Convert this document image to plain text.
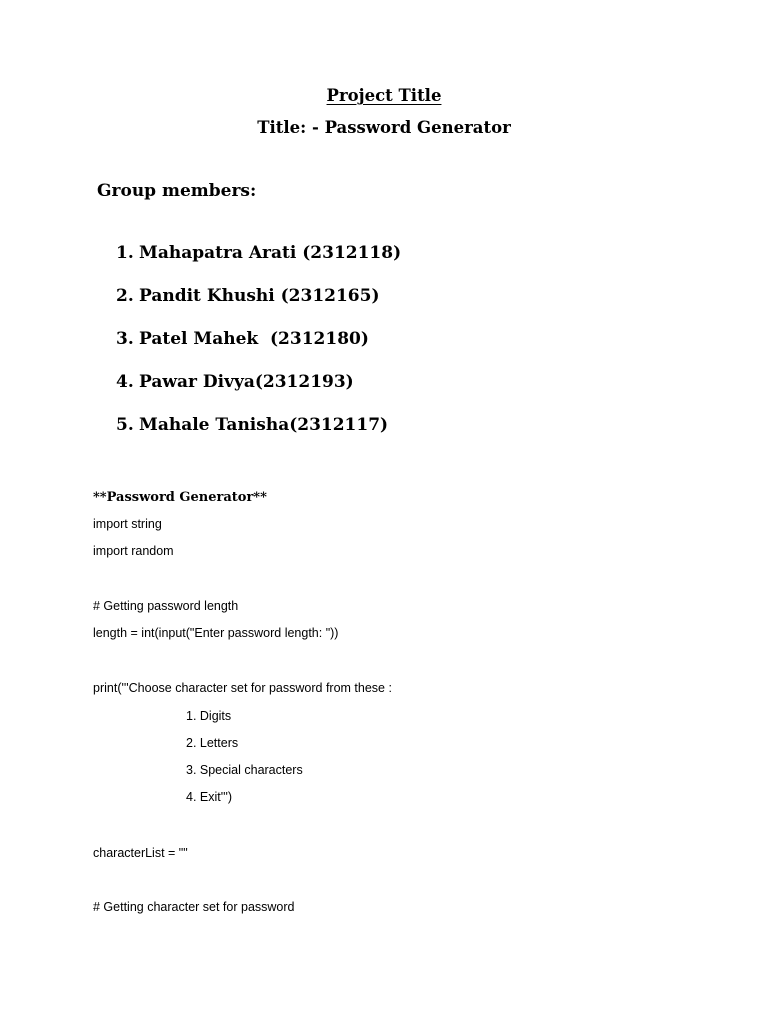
Project Title
Title: - Password Generator
Group members:
1. Mahapatra Arati (2312118)
2. Pandit Khushi (2312165)
3. Patel Mahek  (2312180)
4. Pawar Divya(2312193)
5. Mahale Tanisha(2312117)
**Password Generator**
import string
import random
# Getting password length
length = int(input("Enter password length: "))
print('''Choose character set for password from these :
1. Digits
2. Letters
3. Special characters
4. Exit''')
characterList = ""
# Getting character set for password
